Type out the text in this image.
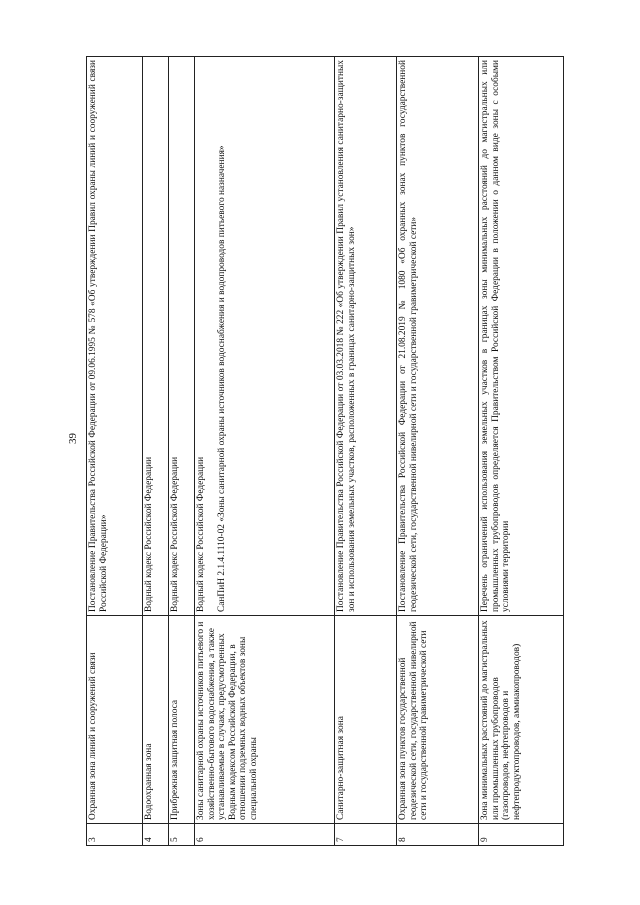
39
3	Охранная зона линий и сооружений связи	Постановление Правительства Российской Федерации от 09.06.1995 № 578 «Об утверждении Правил охраны линий и сооружений связи Российской Федерации»
4	Водоохранная зона	Водный кодекс Российской Федерации
5	Прибрежная защитная полоса	Водный кодекс Российской Федерации
6	Зоны санитарной охраны источников питьевого и хозяйственно-бытового водоснабжения, а также устанавливаемые в случаях, предусмотренных Водным кодексом Российской Федерации, в отношении подземных водных объектов зоны специальной охраны	Водный кодекс Российской Федерации СанПиН 2.1.4.1110-02 «Зоны санитарной охраны источников водоснабжения и водопроводов питьевого назначения»
7	Санитарно-защитная зона	Постановление Правительства Российской Федерации от 03.03.2018 № 222 «Об утверждении Правил установления санитарно-защитных зон и использования земельных участков, расположенных в границах санитарно-защитных зон»
8	Охранная зона пунктов государственной геодезической сети, государственной нивелирной сети и государственной гравиметрической сети	Постановление Правительства Российской Федерации от 21.08.2019 № 1080 «Об охранных зонах пунктов государственной геодезической сети, государственной нивелирной сети и государственной гравиметрической сети»
9	Зона минимальных расстояний до магистральных или промышленных трубопроводов (газопроводов, нефтепроводов и нефтепродуктопроводов, аммиакопроводов)	Перечень ограничений использования земельных участков в границах зоны минимальных расстояний до магистральных или промышленных трубопроводов определяется Правительством Российской Федерации в положении о данном виде зоны с особыми условиями территории
